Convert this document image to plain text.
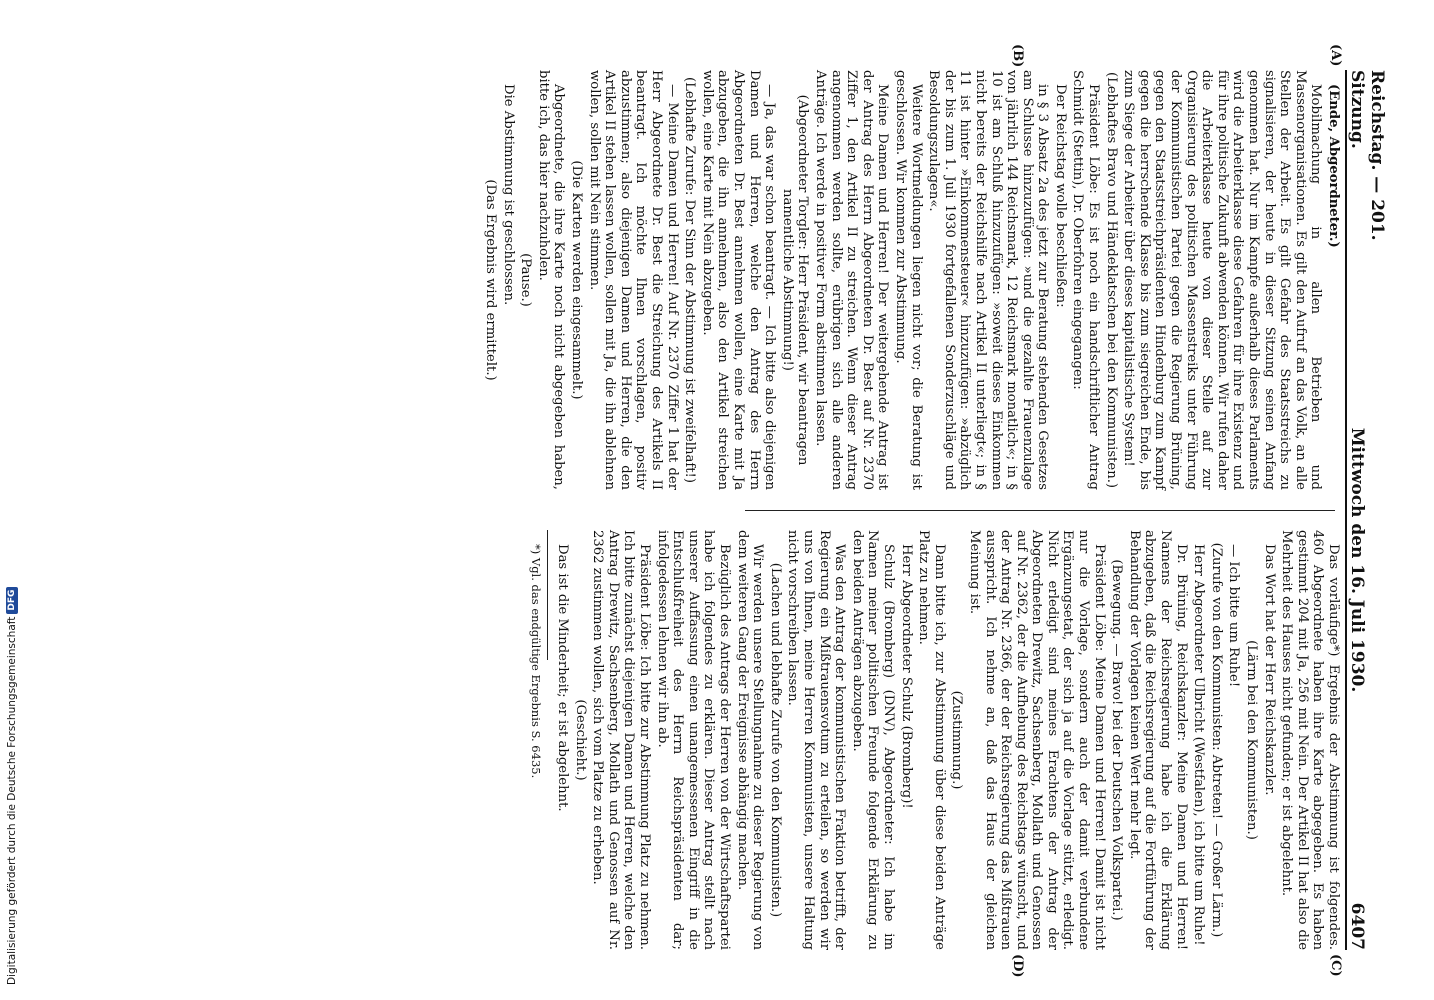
Reichstag. — 201. Sitzung.
Mittwoch den 16. Juli 1930.
6407
(A)
(B)
(C)
(D)

(Ende, Abgeordneter.)

Mobilmachung in allen Betrieben und Massenorganisationen. Es gilt den Aufruf an das Volk, an alle Stellen der Arbeit. Es gilt Gefahr des Staatsstreichs zu signalisieren, der heute in dieser Sitzung seinen Anfang genommen hat. Nur im Kampfe außerhalb dieses Parlaments wird die Arbeiterklasse diese Gefahren für ihre Existenz und für ihre politische Zukunft abwenden können. Wir rufen daher die Arbeiterklasse heute von dieser Stelle auf zur Organisierung des politischen Massenstreiks unter Führung der Kommunistischen Partei gegen die Regierung Brüning, gegen den Staatsstreichpräsidenten Hindenburg zum Kampf gegen die herrschende Klasse bis zum siegreichen Ende, bis zum Siege der Arbeiter über dieses kapitalistische System!

(Lebhaftes Bravo und Händeklatschen bei den Kommunisten.)

Präsident Löbe: Es ist noch ein handschriftlicher Antrag Schmidt (Stettin), Dr. Oberfohren eingegangen:

Der Reichstag wolle beschließen:

in § 3 Absatz 2a des jetzt zur Beratung stehenden Gesetzes am Schlusse hinzuzufügen: »und die gezahlte Frauenzulage von jährlich 144 Reichsmark, 12 Reichsmark monatlich«; in § 10 ist am Schluß hinzuzufügen: »soweit dieses Einkommen nicht bereits der Reichshilfe nach Artikel II unterliegt«; in § 11 ist hinter »Einkommensteuer« hinzuzufügen: »abzüglich der bis zum 1. Juli 1930 fortgefallenen Sonderzuschläge und Besoldungszulagen«.

Weitere Wortmeldungen liegen nicht vor; die Beratung ist geschlossen. Wir kommen zur Abstimmung.

Meine Damen und Herren! Der weitergehende Antrag ist der Antrag des Herrn Abgeordneten Dr. Best auf Nr. 2370 Ziffer 1, den Artikel II zu streichen. Wenn dieser Antrag angenommen werden sollte, erübrigen sich alle anderen Anträge. Ich werde in positiver Form abstimmen lassen.

(Abgeordneter Torgler: Herr Präsident, wir beantragen namentliche Abstimmung!)

— Ja, das war schon beantragt. — Ich bitte also diejenigen Damen und Herren, welche den Antrag des Herrn Abgeordneten Dr. Best annehmen wollen, eine Karte mit Ja abzugeben, die ihn annehmen, also den Artikel streichen wollen, eine Karte mit Nein abzugeben.

(Lebhafte Zurufe: Der Sinn der Abstimmung ist zweifelhaft!)

— Meine Damen und Herren! Auf Nr. 2370 Ziffer 1 hat der Herr Abgeordnete Dr. Best die Streichung des Artikels II beantragt. Ich möchte Ihnen vorschlagen, positiv abzustimmen; also diejenigen Damen und Herren, die den Artikel II stehen lassen wollen, sollen mit Ja, die ihn ablehnen wollen, sollen mit Nein stimmen.

(Die Karten werden eingesammelt.)

Abgeordnete, die ihre Karte noch nicht abgegeben haben, bitte ich, das hier nachzuholen.

(Pause.)

Die Abstimmung ist geschlossen.

(Das Ergebnis wird ermittelt.)

Das vorläufige*) Ergebnis der Abstimmung ist folgendes. 460 Abgeordnete haben ihre Karte abgegeben. Es haben gestimmt 204 mit Ja, 256 mit Nein. Der Artikel II hat also die Mehrheit des Hauses nicht gefunden; er ist abgelehnt.

Das Wort hat der Herr Reichskanzler.

(Lärm bei den Kommunisten.)

— Ich bitte um Ruhe!

(Zurufe von den Kommunisten: Abtreten! — Großer Lärm.)

Herr Abgeordneter Ulbricht (Westfalen), ich bitte um Ruhe!

Dr. Brüning, Reichskanzler: Meine Damen und Herren! Namens der Reichsregierung habe ich die Erklärung abzugeben, daß die Reichsregierung auf die Fortführung der Behandlung der Vorlagen keinen Wert mehr legt.

(Bewegung. — Bravo! bei der Deutschen Volkspartei.)

Präsident Löbe: Meine Damen und Herren! Damit ist nicht nur die Vorlage, sondern auch der damit verbundene Ergänzungsetat, der sich ja auf die Vorlage stützt, erledigt. Nicht erledigt sind meines Erachtens der Antrag der Abgeordneten Drewitz, Sachsenberg, Mollath und Genossen auf Nr. 2362, der die Aufhebung des Reichstags wünscht, und der Antrag Nr. 2366, der der Reichsregierung das Mißtrauen ausspricht. Ich nehme an, daß das Haus der gleichen Meinung ist.

(Zustimmung.)

Dann bitte ich, zur Abstimmung über diese beiden Anträge Platz zu nehmen.

Herr Abgeordneter Schulz (Bromberg)!

Schulz (Bromberg) (DNV), Abgeordneter: Ich habe im Namen meiner politischen Freunde folgende Erklärung zu den beiden Anträgen abzugeben.

Was den Antrag der kommunistischen Fraktion betrifft, der Regierung ein Mißtrauensvotum zu erteilen, so werden wir uns von Ihnen, meine Herren Kommunisten, unsere Haltung nicht vorschreiben lassen.

(Lachen und lebhafte Zurufe von den Kommunisten.)

Wir werden unsere Stellungnahme zu dieser Regierung von dem weiteren Gang der Ereignisse abhängig machen.

Bezüglich des Antrags der Herren von der Wirtschaftspartei habe ich folgendes zu erklären. Dieser Antrag stellt nach unserer Auffassung einen unangemessenen Eingriff in die Entschlußfreiheit des Herrn Reichspräsidenten dar; infolgedessen lehnen wir ihn ab.

Präsident Löbe: Ich bitte zur Abstimmung Platz zu nehmen. Ich bitte zunächst diejenigen Damen und Herren, welche den Antrag Drewitz, Sachsenberg, Mollath und Genossen auf Nr. 2362 zustimmen wollen, sich vom Platze zu erheben.

(Geschieht.)

Das ist die Minderheit; er ist abgelehnt.

*) Vgl. das endgültige Ergebnis S. 6435.

Digitalisierung gefördert durch die Deutsche Forschungsgemeinschaft
DFG
